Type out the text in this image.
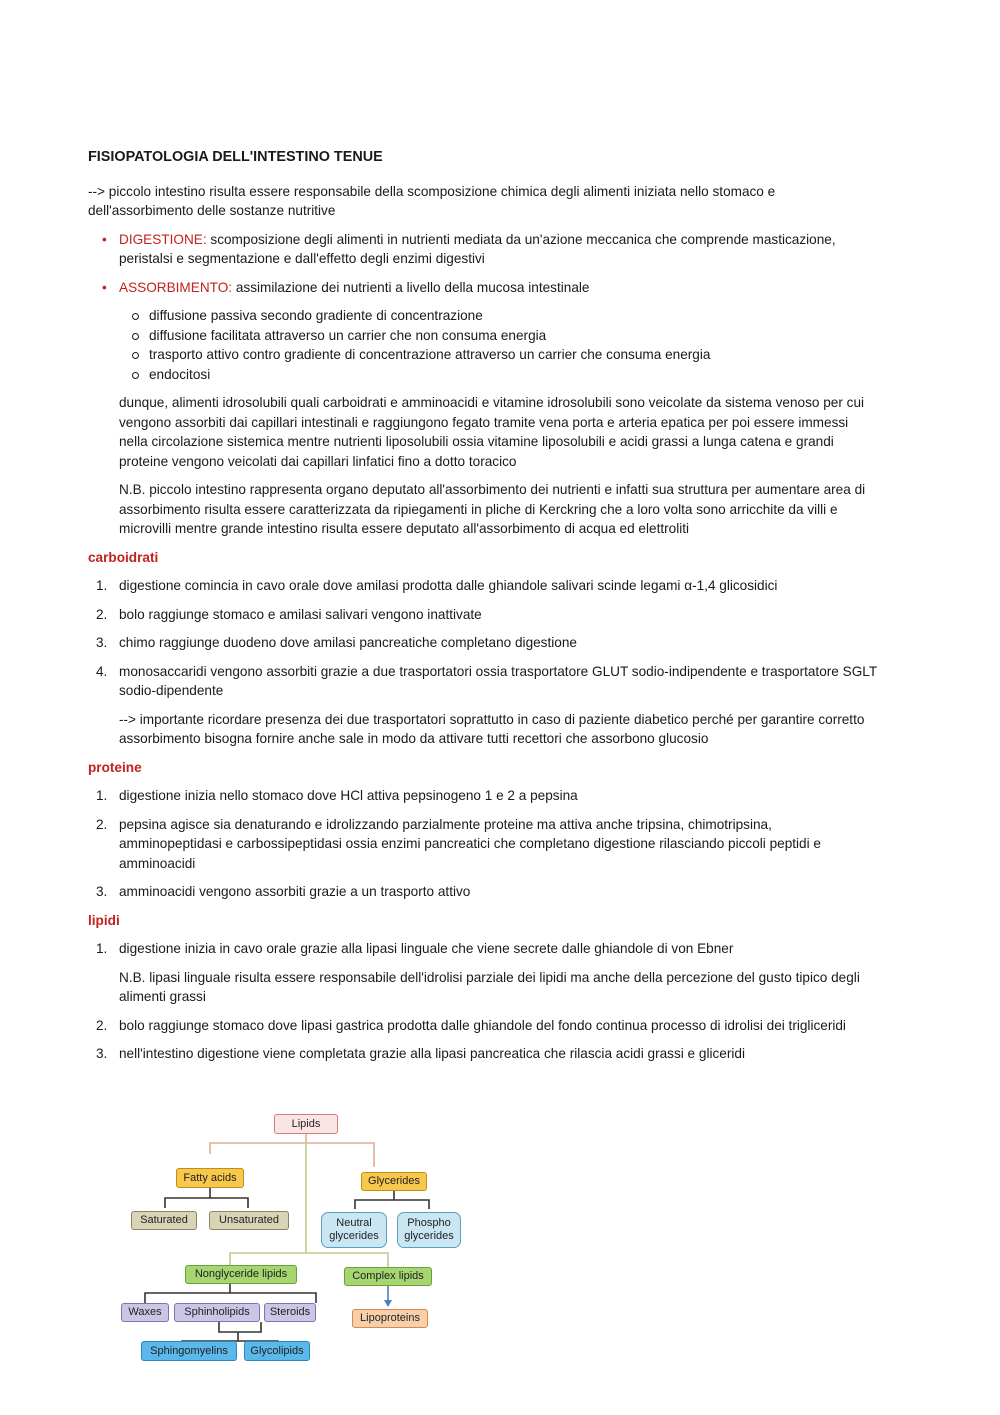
FISIOPATOLOGIA DELL'INTESTINO TENUE

--> piccolo intestino risulta essere responsabile della scomposizione chimica degli alimenti iniziata nello stomaco e dell'assorbimento delle sostanze nutritive

• DIGESTIONE: scomposizione degli alimenti in nutrienti mediata da un'azione meccanica che comprende masticazione, peristalsi e segmentazione e dall'effetto degli enzimi digestivi
• ASSORBIMENTO: assimilazione dei nutrienti a livello della mucosa intestinale
diffusione passiva secondo gradiente di concentrazione
diffusione facilitata attraverso un carrier che non consuma energia
trasporto attivo contro gradiente di concentrazione attraverso un carrier che consuma energia
endocitosi

dunque, alimenti idrosolubili quali carboidrati e amminoacidi e vitamine idrosolubili sono veicolate da sistema venoso per cui vengono assorbiti dai capillari intestinali e raggiungono fegato tramite vena porta e arteria epatica per poi essere immessi nella circolazione sistemica mentre nutrienti liposolubili ossia vitamine liposolubili e acidi grassi a lunga catena e grandi proteine vengono veicolati dai capillari linfatici fino a dotto toracico

N.B. piccolo intestino rappresenta organo deputato all'assorbimento dei nutrienti e infatti sua struttura per aumentare area di assorbimento risulta essere caratterizzata da ripiegamenti in pliche di Kerckring che a loro volta sono arricchite da villi e microvilli mentre grande intestino risulta essere deputato all'assorbimento di acqua ed elettroliti

carboidrati
1. digestione comincia in cavo orale dove amilasi prodotta dalle ghiandole salivari scinde legami α-1,4 glicosidici
2. bolo raggiunge stomaco e amilasi salivari vengono inattivate
3. chimo raggiunge duodeno dove amilasi pancreatiche completano digestione
4. monosaccaridi vengono assorbiti grazie a due trasportatori ossia trasportatore GLUT sodio-indipendente e trasportatore SGLT sodio-dipendente
--> importante ricordare presenza dei due trasportatori soprattutto in caso di paziente diabetico perché per garantire corretto assorbimento bisogna fornire anche sale in modo da attivare tutti recettori che assorbono glucosio
proteine
1. digestione inizia nello stomaco dove HCl attiva pepsinogeno 1 e 2 a pepsina
2. pepsina agisce sia denaturando e idrolizzando parzialmente proteine ma attiva anche tripsina, chimotripsina, amminopeptidasi e carbossipeptidasi ossia enzimi pancreatici che completano digestione rilasciando piccoli peptidi e amminoacidi
3. amminoacidi vengono assorbiti grazie a un trasporto attivo
lipidi
1. digestione inizia in cavo orale grazie alla lipasi linguale che viene secrete dalle ghiandole di von Ebner
N.B. lipasi linguale risulta essere responsabile dell'idrolisi parziale dei lipidi ma anche della percezione del gusto tipico degli alimenti grassi
2. bolo raggiunge stomaco dove lipasi gastrica prodotta dalle ghiandole del fondo continua processo di idrolisi dei trigliceridi
3. nell'intestino digestione viene completata grazie alla lipasi pancreatica che rilascia acidi grassi e gliceridi
Lipids
Fatty acids
Saturated	Unsaturated
Glycerides
Neutral
glycerides
Phospho
glycerides
Nonglyceride lipids	Complex lipids
Waxes	Sphinholipids	Steroids	Lipoproteins
Sphingomyelins	Glycolipids
